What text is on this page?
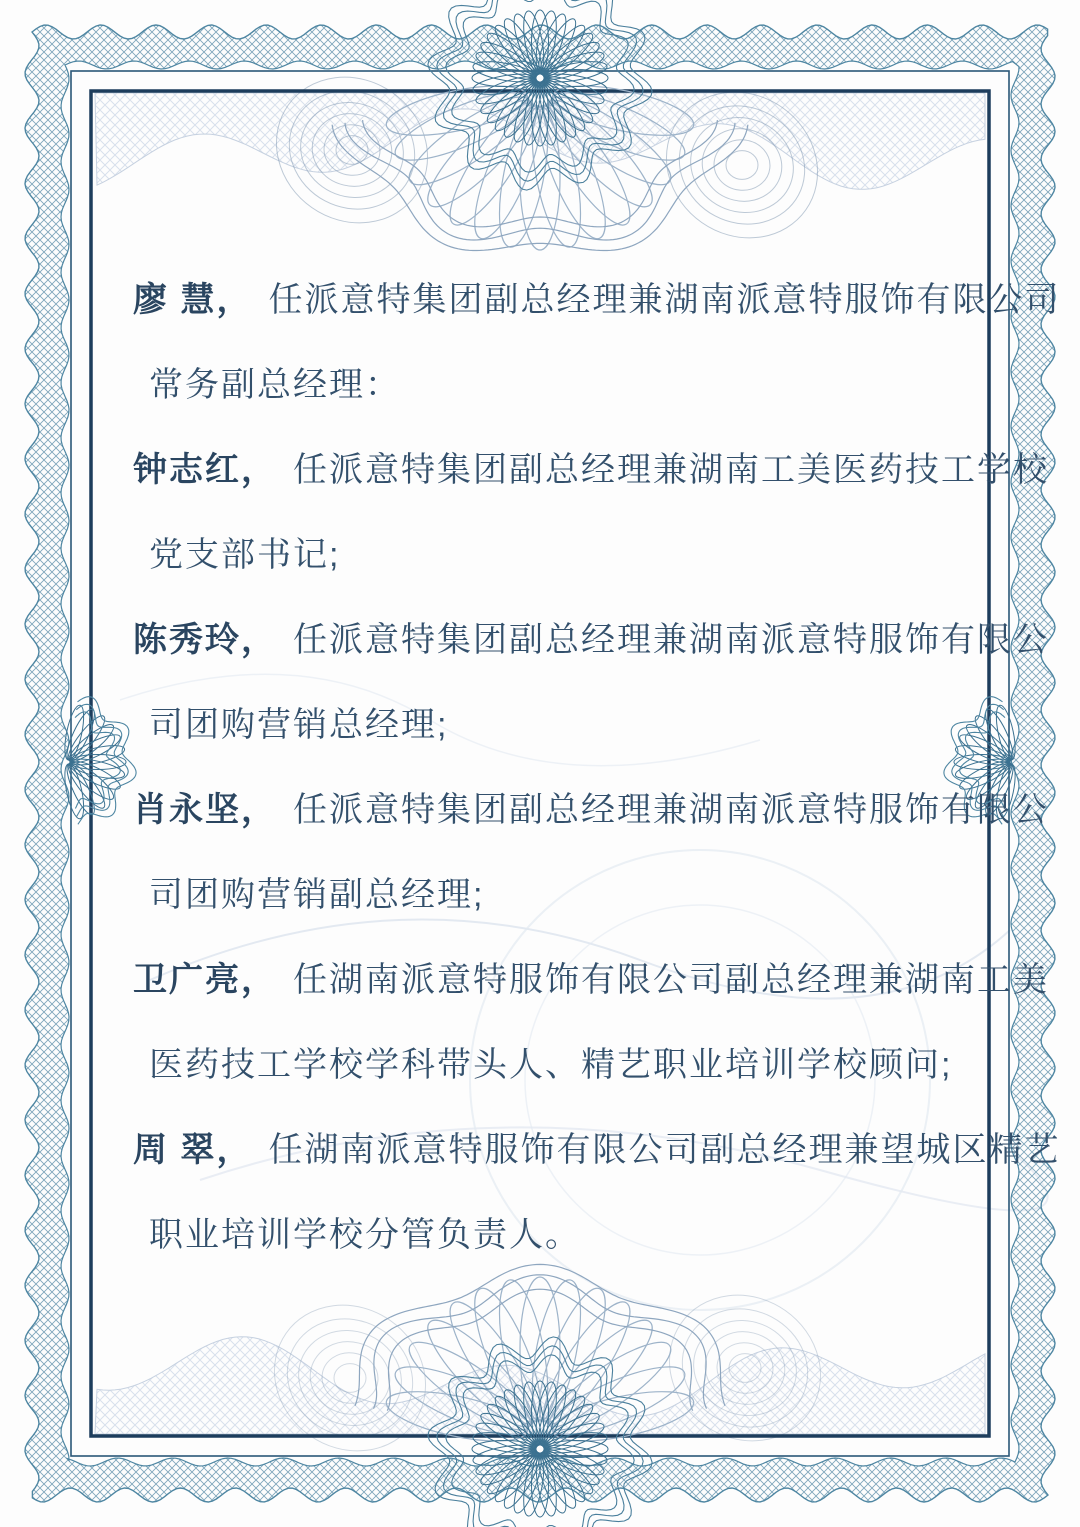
廖 慧， 任派意特集团副总经理兼湖南派意特服饰有限公司

常务副总经理：

钟志红， 任派意特集团副总经理兼湖南工美医药技工学校

党支部书记;

陈秀玲， 任派意特集团副总经理兼湖南派意特服饰有限公

司团购营销总经理;

肖永坚， 任派意特集团副总经理兼湖南派意特服饰有限公

司团购营销副总经理;

卫广亮， 任湖南派意特服饰有限公司副总经理兼湖南工美

医药技工学校学科带头人、精艺职业培训学校顾问;

周 翠， 任湖南派意特服饰有限公司副总经理兼望城区精艺

职业培训学校分管负责人。
